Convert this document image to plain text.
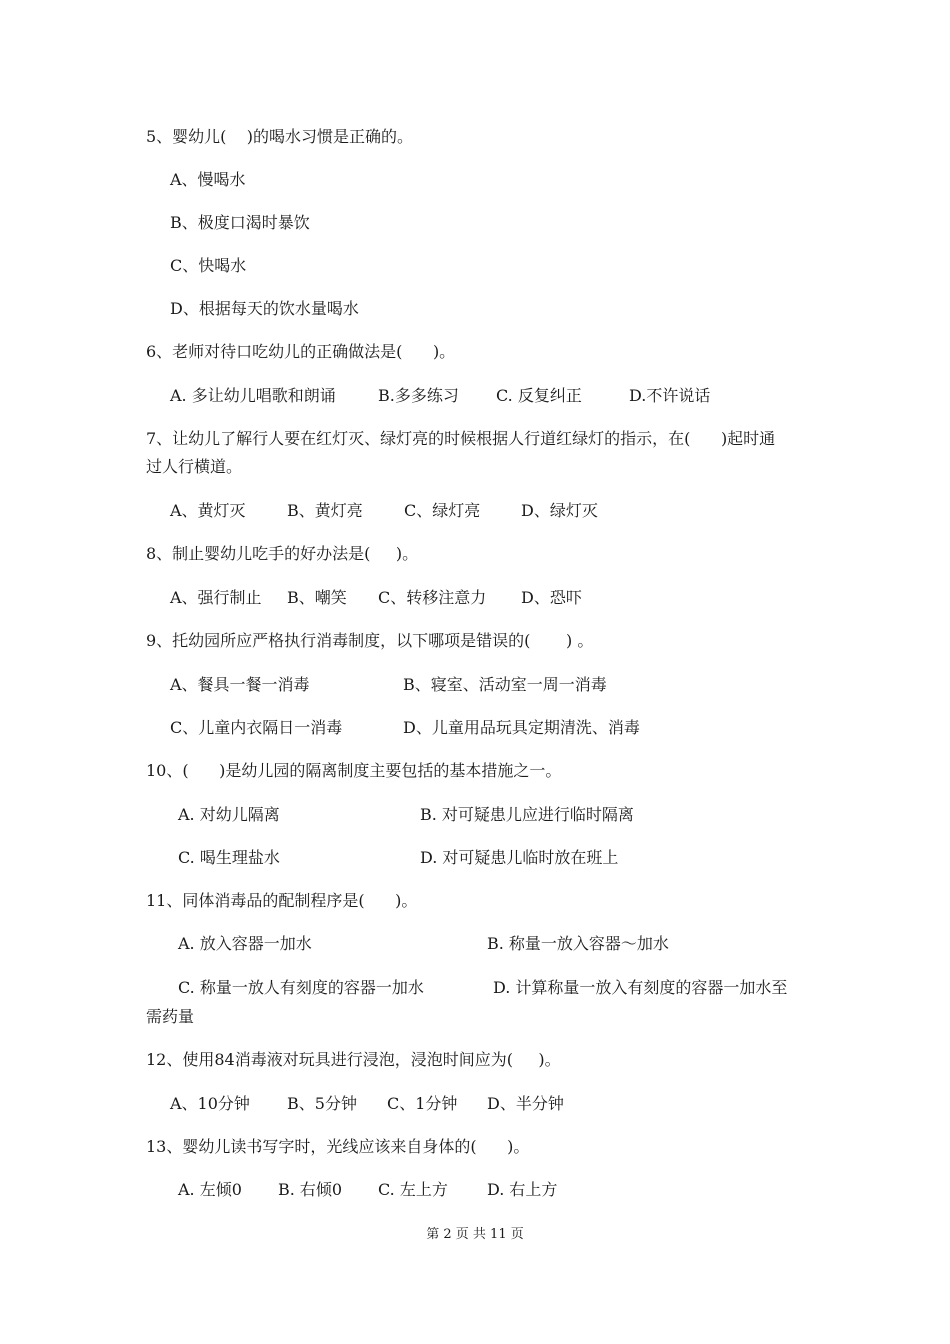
5、婴幼儿(    )的喝水习惯是正确的。
A、慢喝水
B、极度口渴时暴饮
C、快喝水
D、根据每天的饮水量喝水
6、老师对待口吃幼儿的正确做法是(      )。
A. 多让幼儿唱歌和朗诵	B.多多练习 C. 反复纠正	D.不许说话
7、让幼儿了解行人要在红灯灭、绿灯亮的时候根据人行道红绿灯的指示，在(      )起时通
过人行横道。
A、黄灯灭	B、黄灯亮	C、绿灯亮	D、绿灯灭
8、制止婴幼儿吃手的好办法是(     )。
A、强行制止 B、嘲笑 C、转移注意力 D、恐吓
9、托幼园所应严格执行消毒制度，以下哪项是错误的(       ) 。
A、餐具一餐一消毒	B、寝室、活动室一周一消毒
C、儿童内衣隔日一消毒	D、儿童用品玩具定期清洗、消毒
10、(      )是幼儿园的隔离制度主要包括的基本措施之一。
A. 对幼儿隔离	B. 对可疑患儿应进行临时隔离
C. 喝生理盐水	D. 对可疑患儿临时放在班上
11、同体消毒品的配制程序是(      )。
A. 放入容器一加水	B. 称量一放入容器～加水
C. 称量一放人有刻度的容器一加水	D. 计算称量一放入有刻度的容器一加水至
需药量
12、使用84消毒液对玩具进行浸泡，浸泡时间应为(     )。
A、10分钟 B、5分钟 C、1分钟 D、半分钟
13、婴幼儿读书写字时，光线应该来自身体的(      )。
A. 左倾0 B. 右倾0 C. 左上方 D. 右上方
第 2 页 共 11 页
